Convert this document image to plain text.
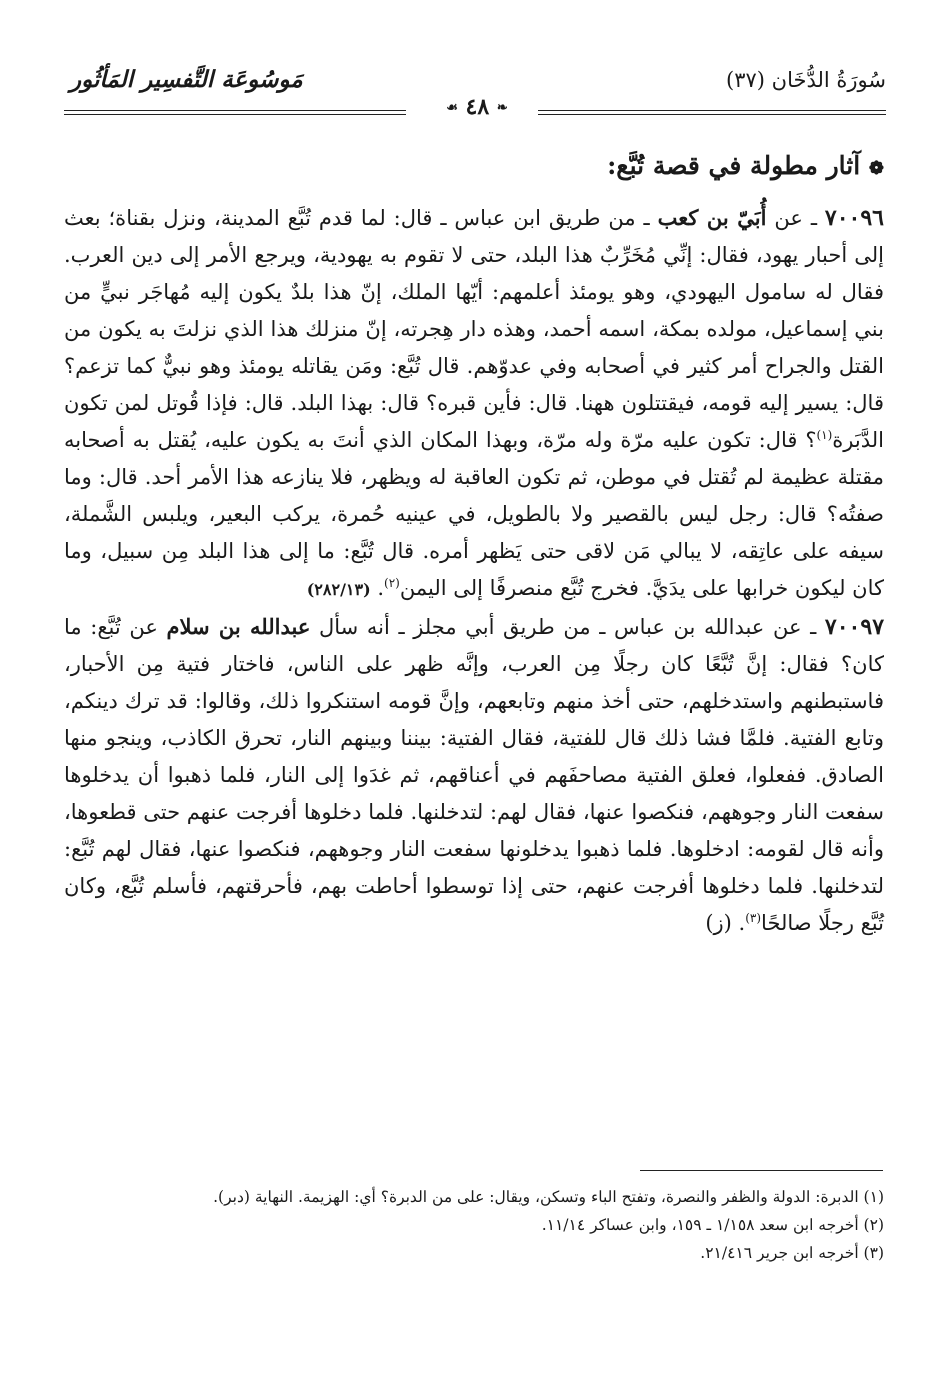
سُورَةُ الدُّخَان (٣٧)
مَوسُوعَة التَّفسِير المَأثُور
❧ ٤٨ ☙
❁ آثار مطولة في قصة تُبَّع:

٧٠٠٩٦ ـ عن أُبَيّ بن كعب ـ من طريق ابن عباس ـ قال: لما قدم تُبَّع المدينة، ونزل بقناة؛ بعث إلى أحبار يهود، فقال: إنِّي مُخَرِّبٌ هذا البلد، حتى لا تقوم به يهودية، ويرجع الأمر إلى دين العرب. فقال له سامول اليهودي، وهو يومئذ أعلمهم: أيّها الملك، إنّ هذا بلدٌ يكون إليه مُهاجَر نبيٍّ من بني إسماعيل، مولده بمكة، اسمه أحمد، وهذه دار هِجرته، إنّ منزلك هذا الذي نزلتَ به يكون من القتل والجراح أمر كثير في أصحابه وفي عدوّهم. قال تُبَّع: ومَن يقاتله يومئذ وهو نبيٌّ كما تزعم؟ قال: يسير إليه قومه، فيقتتلون ههنا. قال: فأين قبره؟ قال: بهذا البلد. قال: فإذا قُوتل لمن تكون الدَّبَرة$^{(١)}$؟ قال: تكون عليه مرّة وله مرّة، وبهذا المكان الذي أنتَ به يكون عليه، يُقتل به أصحابه مقتلة عظيمة لم تُقتل في موطن، ثم تكون العاقبة له ويظهر، فلا ينازعه هذا الأمر أحد. قال: وما صفتُه؟ قال: رجل ليس بالقصير ولا بالطويل، في عينيه حُمرة، يركب البعير، ويلبس الشَّملة، سيفه على عاتِقه، لا يبالي مَن لاقى حتى يَظهر أمره. قال تُبَّع: ما إلى هذا البلد مِن سبيل، وما كان ليكون خرابها على يدَيَّ. فخرج تُبَّع منصرفًا إلى اليمن$^{(٢)}$. (٢٨٢/١٣)

٧٠٠٩٧ ـ عن عبدالله بن عباس ـ من طريق أبي مجلز ـ أنه سأل عبدالله بن سلام عن تُبَّع: ما كان؟ فقال: إنَّ تُبَّعًا كان رجلًا مِن العرب، وإنَّه ظهر على الناس، فاختار فتية مِن الأحبار، فاستبطنهم واستدخلهم، حتى أخذ منهم وتابعهم، وإنَّ قومه استنكروا ذلك، وقالوا: قد ترك دينكم، وتابع الفتية. فلمَّا فشا ذلك قال للفتية، فقال الفتية: بيننا وبينهم النار، تحرق الكاذب، وينجو منها الصادق. ففعلوا، فعلق الفتية مصاحفَهم في أعناقهم، ثم غدَوا إلى النار، فلما ذهبوا أن يدخلوها سفعت النار وجوههم، فنكصوا عنها، فقال لهم: لتدخلنها. فلما دخلوها أفرجت عنهم حتى قطعوها، وأنه قال لقومه: ادخلوها. فلما ذهبوا يدخلونها سفعت النار وجوههم، فنكصوا عنها، فقال لهم تُبَّع: لتدخلنها. فلما دخلوها أفرجت عنهم، حتى إذا توسطوا أحاطت بهم، فأحرقتهم، فأسلم تُبَّع، وكان تُبَّع رجلًا صالحًا$^{(٣)}$. (ز)

(١) الدبرة: الدولة والظفر والنصرة، وتفتح الباء وتسكن، ويقال: على من الدبرة؟ أي: الهزيمة. النهاية (دبر).

(٢) أخرجه ابن سعد ١/١٥٨ ـ ١٥٩، وابن عساكر ١١/١٤.

(٣) أخرجه ابن جرير ٢١/٤١٦.
